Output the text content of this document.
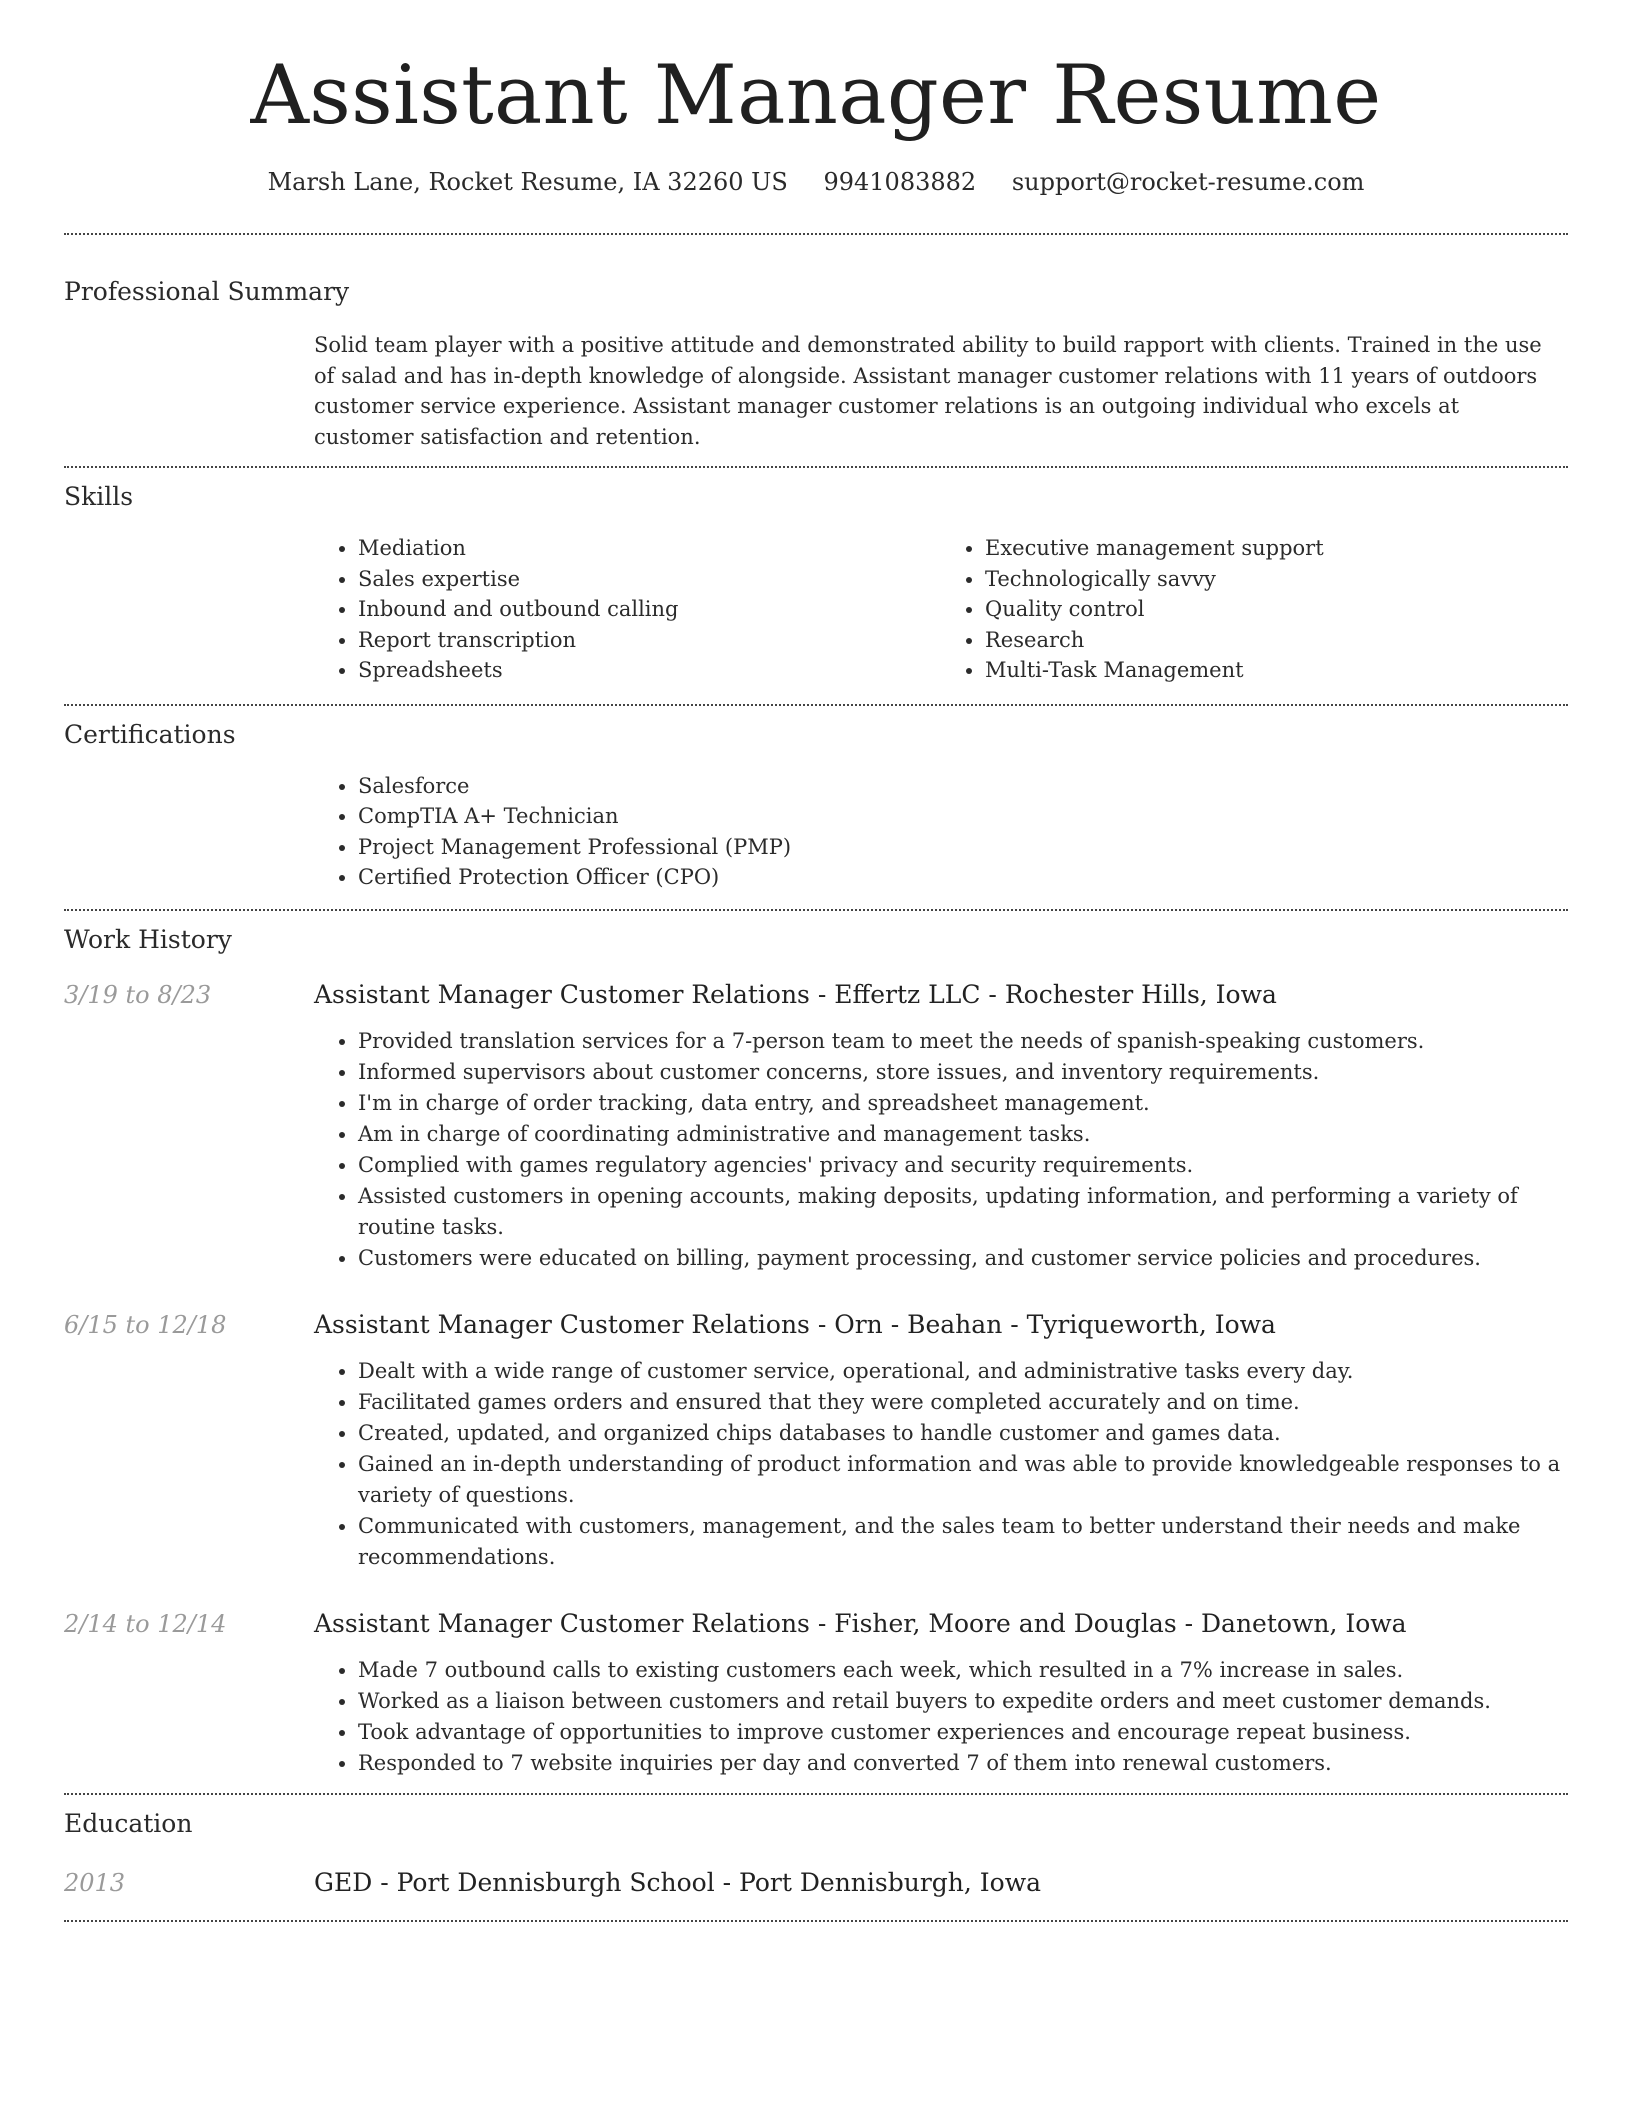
Assistant Manager Resume
Marsh Lane, Rocket Resume, IA 32260 US 9941083882 support@rocket-resume.com
Professional Summary
Solid team player with a positive attitude and demonstrated ability to build rapport with clients. Trained in the use of salad and has in-depth knowledge of alongside. Assistant manager customer relations with 11 years of outdoors customer service experience. Assistant manager customer relations is an outgoing individual who excels at customer satisfaction and retention.
Skills
• Mediation
• Sales expertise
• Inbound and outbound calling
• Report transcription
• Spreadsheets
• Executive management support
• Technologically savvy
• Quality control
• Research
• Multi-Task Management
Certifications
• Salesforce
• CompTIA A+ Technician
• Project Management Professional (PMP)
• Certified Protection Officer (CPO)
Work History
3/19 to 8/23	Assistant Manager Customer Relations - Effertz LLC - Rochester Hills, Iowa
• Provided translation services for a 7-person team to meet the needs of spanish-speaking customers.
• Informed supervisors about customer concerns, store issues, and inventory requirements.
• I'm in charge of order tracking, data entry, and spreadsheet management.
• Am in charge of coordinating administrative and management tasks.
• Complied with games regulatory agencies' privacy and security requirements.
• Assisted customers in opening accounts, making deposits, updating information, and performing a variety of routine tasks.
• Customers were educated on billing, payment processing, and customer service policies and procedures.
6/15 to 12/18	Assistant Manager Customer Relations - Orn - Beahan - Tyriqueworth, Iowa
• Dealt with a wide range of customer service, operational, and administrative tasks every day.
• Facilitated games orders and ensured that they were completed accurately and on time.
• Created, updated, and organized chips databases to handle customer and games data.
• Gained an in-depth understanding of product information and was able to provide knowledgeable responses to a variety of questions.
• Communicated with customers, management, and the sales team to better understand their needs and make recommendations.
2/14 to 12/14	Assistant Manager Customer Relations - Fisher, Moore and Douglas - Danetown, Iowa
• Made 7 outbound calls to existing customers each week, which resulted in a 7% increase in sales.
• Worked as a liaison between customers and retail buyers to expedite orders and meet customer demands.
• Took advantage of opportunities to improve customer experiences and encourage repeat business.
• Responded to 7 website inquiries per day and converted 7 of them into renewal customers.
Education
2013	GED - Port Dennisburgh School - Port Dennisburgh, Iowa
